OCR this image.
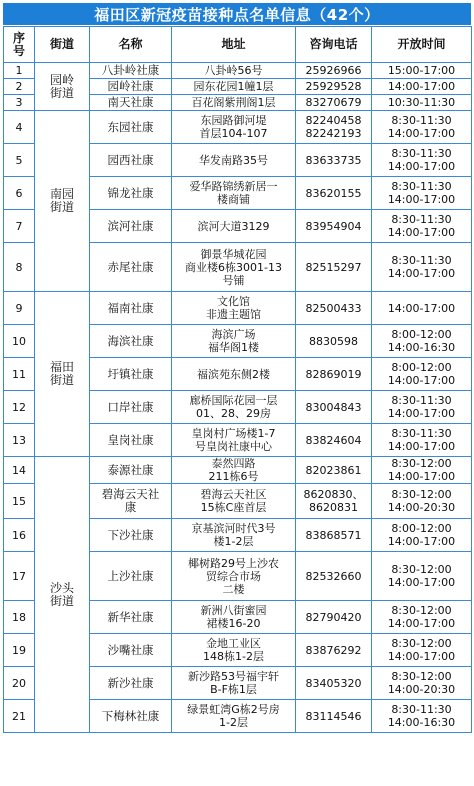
福田区新冠疫苗接种点名单信息（42个）
序
号	街道	名称	地址	咨询电话	开放时间
1	园岭
街道	八卦岭社康	八卦岭56号	25926966	15:00-17:00

2		园岭社康	园东花园1幢1层	25929528	14:00-17:00

3		南天社康	百花阁紫荆阁1层	83270679	10:30-11:30

4	南园
街道	东园社康	东园路御河堤
首层104-107	82240458
82242193	8:30-11:30
14:00-17:00

5		园西社康	华发南路35号	83633735	8:30-11:30
14:00-17:00

6		锦龙社康	爱华路锦绣新居一
楼商铺	83620155	8:30-11:30
14:00-17:00

7		滨河社康	滨河大道3129	83954904	8:30-11:30
14:00-17:00

8		赤尾社康	御景华城花园
商业楼6栋3001-13
号铺	82515297	8:30-11:30
14:00-17:00

9	福田
街道	福南社康	文化馆
非遗主题馆	82500433	14:00-17:00

10		海滨社康	海滨广场
福华阁1楼	8830598	8:00-12:00
14:00-16:30

11		圩镇社康	福滨苑东侧2楼	82869019	8:00-12:00
14:00-17:00

12		口岸社康	廊桥国际花园一层
01、28、29房	83004843	8:30-11:30
14:00-17:00

13		皇岗社康	皇岗村广场楼1-7
号皇岗社康中心	83824604	8:30-11:30
14:00-17:00

14	沙头
街道	泰源社康	泰然四路
211栋6号	82023861	8:30-12:00
14:00-17:00

15		碧海云天社
康	碧海云天社区
15栋C座首层	8620830、
8620831	8:30-12:00
14:00-20:30

16		下沙社康	京基滨河时代3号
楼1-2层	83868571	8:00-12:00
14:00-17:00

17		上沙社康	椰树路29号上沙农
贸综合市场
二楼	82532660	8:30-12:00
14:00-17:00

18		新华社康	新洲八街蜜园
裙楼16-20	82790420	8:30-12:00
14:00-17:00

19		沙嘴社康	金地工业区
148栋1-2层	83876292	8:30-12:00
14:00-17:00

20		新沙社康	新沙路53号福宇轩
B-F栋1层	83405320	8:30-12:00
14:00-20:30

21		下梅林社康	绿景虹湾G栋2号房
1-2层	83114546	8:30-11:30
14:00-16:30
